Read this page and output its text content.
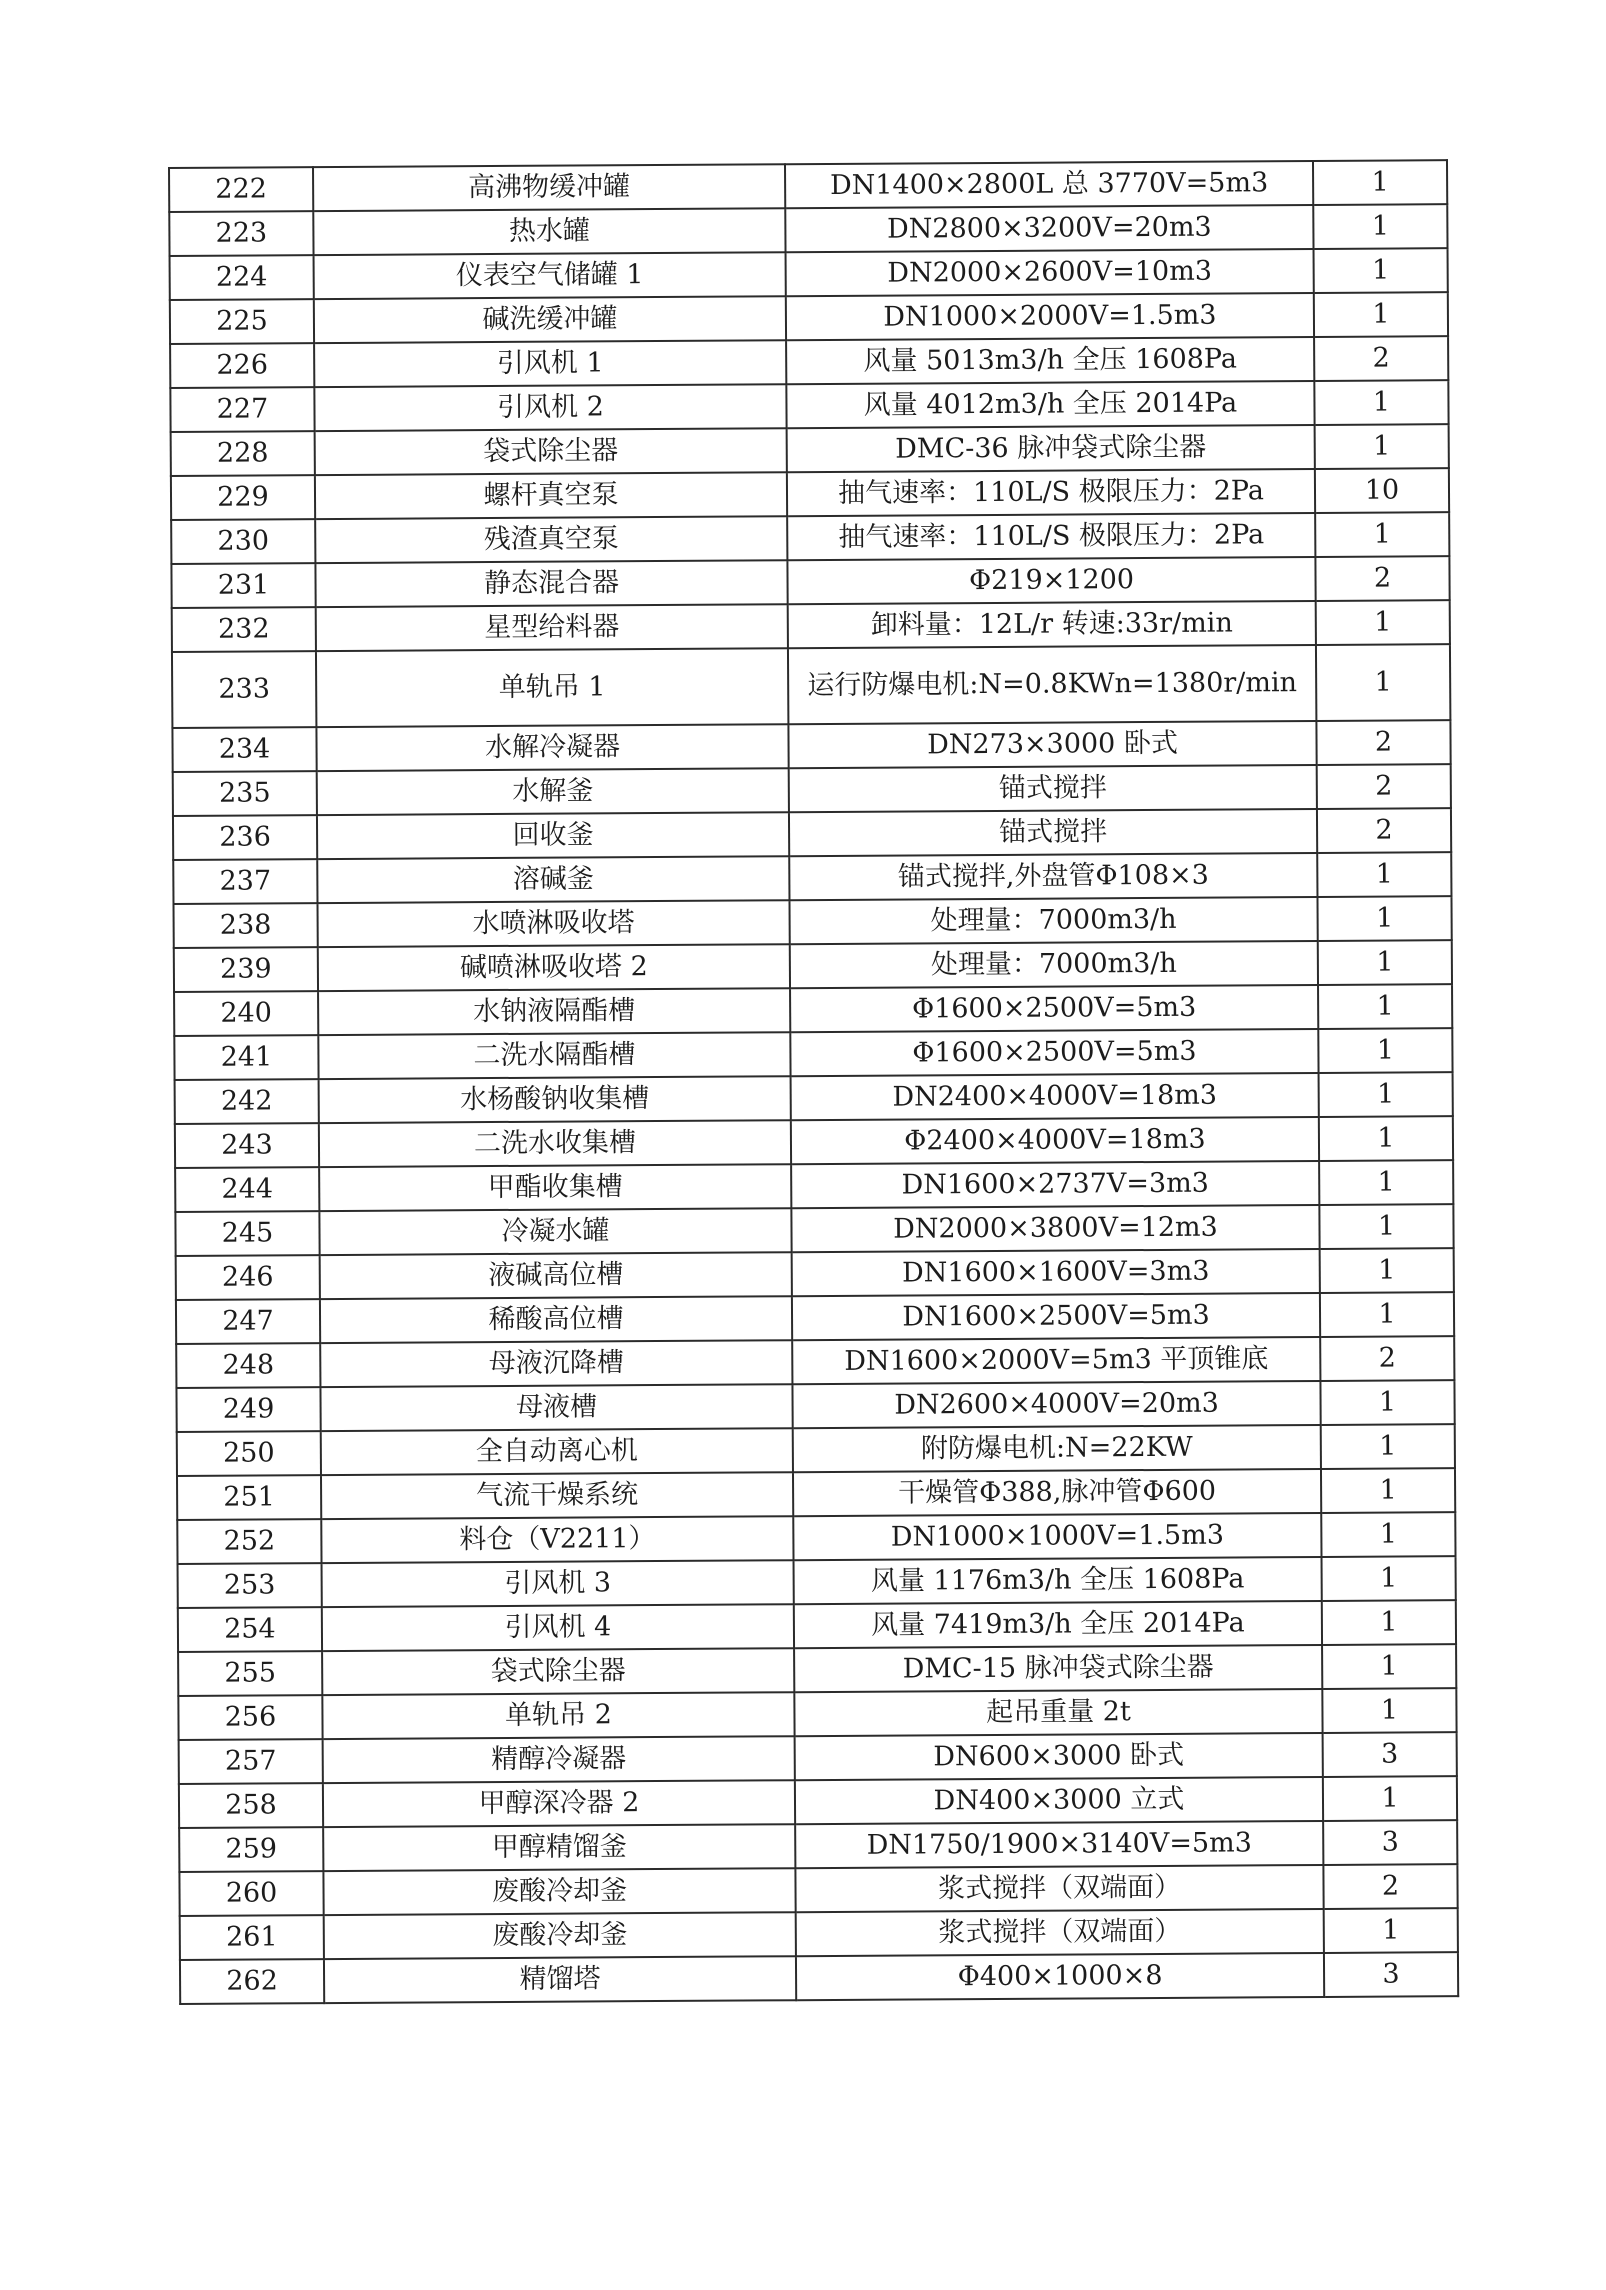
222	高沸物缓冲罐	DN1400×2800L 总 3770V=5m3	1
223	热水罐	DN2800×3200V=20m3	1
224	仪表空气储罐 1	DN2000×2600V=10m3	1
225	碱洗缓冲罐	DN1000×2000V=1.5m3	1
226	引风机 1	风量 5013m3/h 全压 1608Pa	2
227	引风机 2	风量 4012m3/h 全压 2014Pa	1
228	袋式除尘器	DMC-36 脉冲袋式除尘器	1
229	螺杆真空泵	抽气速率：110L/S 极限压力：2Pa	10
230	残渣真空泵	抽气速率：110L/S 极限压力：2Pa	1
231	静态混合器	Φ219×1200	2
232	星型给料器	卸料量：12L/r 转速:33r/min	1
233	单轨吊 1	运行防爆电机:N=0.8KWn=1380r/min	1
234	水解冷凝器	DN273×3000 卧式	2
235	水解釜	锚式搅拌	2
236	回收釜	锚式搅拌	2
237	溶碱釜	锚式搅拌,外盘管Φ108×3	1
238	水喷淋吸收塔	处理量：7000m3/h	1
239	碱喷淋吸收塔 2	处理量：7000m3/h	1
240	水钠液隔酯槽	Φ1600×2500V=5m3	1
241	二洗水隔酯槽	Φ1600×2500V=5m3	1
242	水杨酸钠收集槽	DN2400×4000V=18m3	1
243	二洗水收集槽	Φ2400×4000V=18m3	1
244	甲酯收集槽	DN1600×2737V=3m3	1
245	冷凝水罐	DN2000×3800V=12m3	1
246	液碱高位槽	DN1600×1600V=3m3	1
247	稀酸高位槽	DN1600×2500V=5m3	1
248	母液沉降槽	DN1600×2000V=5m3 平顶锥底	2
249	母液槽	DN2600×4000V=20m3	1
250	全自动离心机	附防爆电机:N=22KW	1
251	气流干燥系统	干燥管Φ388,脉冲管Φ600	1
252	料仓（V2211）	DN1000×1000V=1.5m3	1
253	引风机 3	风量 1176m3/h 全压 1608Pa	1
254	引风机 4	风量 7419m3/h 全压 2014Pa	1
255	袋式除尘器	DMC-15 脉冲袋式除尘器	1
256	单轨吊 2	起吊重量 2t	1
257	精醇冷凝器	DN600×3000 卧式	3
258	甲醇深冷器 2	DN400×3000 立式	1
259	甲醇精馏釜	DN1750/1900×3140V=5m3	3
260	废酸冷却釜	浆式搅拌（双端面）	2
261	废酸冷却釜	浆式搅拌（双端面）	1
262	精馏塔	Φ400×1000×8	3
